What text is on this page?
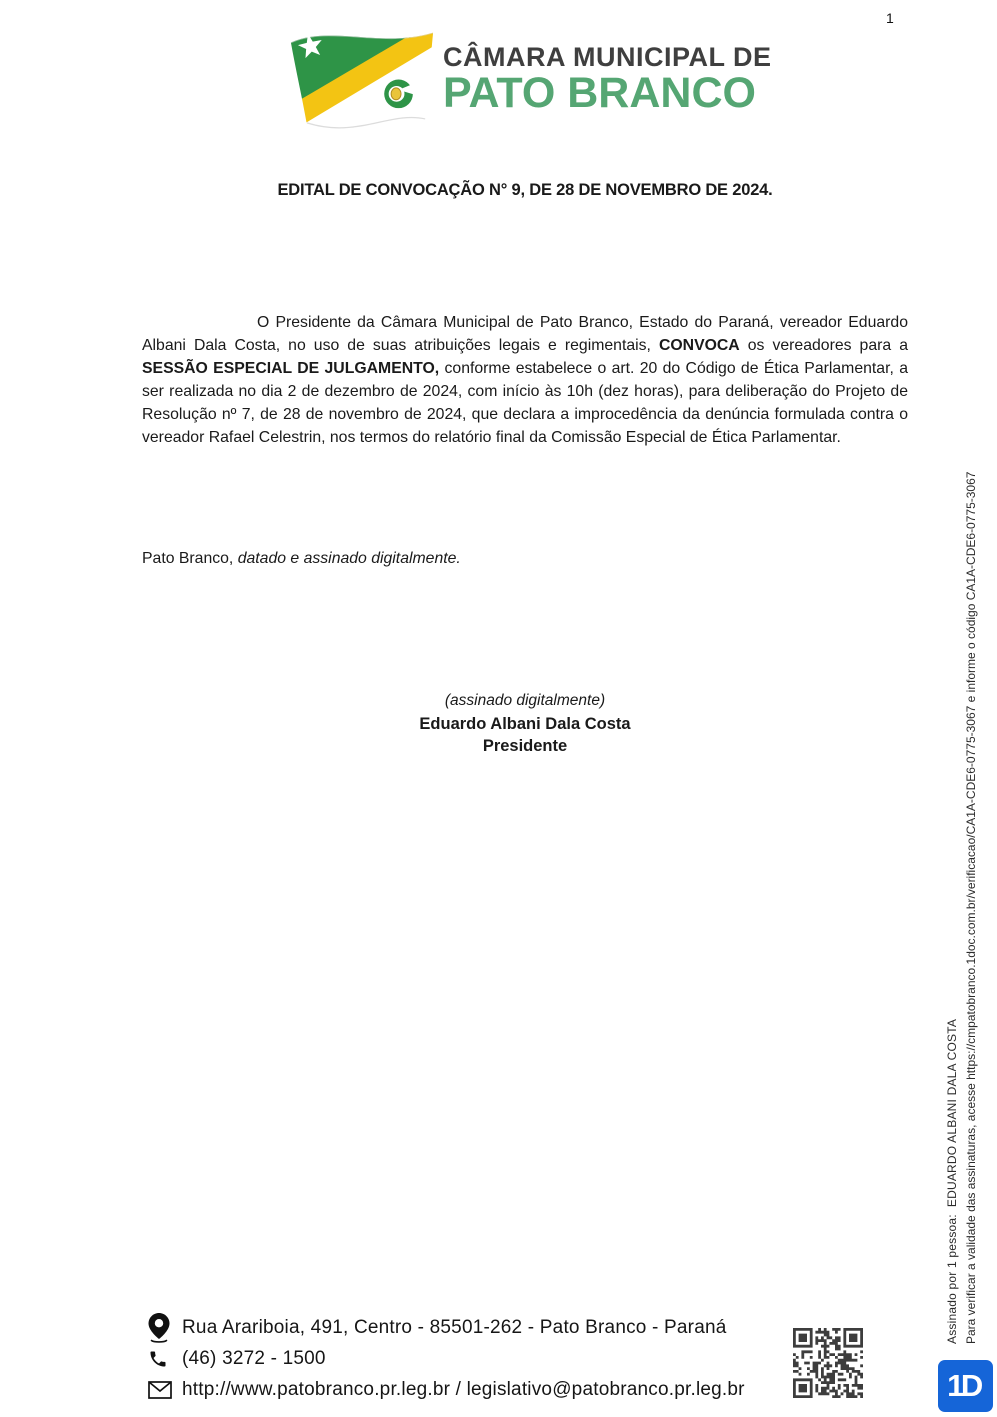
1
CÂMARA MUNICIPAL DE
PATO BRANCO
EDITAL DE CONVOCAÇÃO N° 9, DE 28 DE NOVEMBRO DE 2024.

O Presidente da Câmara Municipal de Pato Branco, Estado do Paraná, vereador Eduardo Albani Dala Costa, no uso de suas atribuições legais e regimentais, CONVOCA os vereadores para a SESSÃO ESPECIAL DE JULGAMENTO, conforme estabelece o art. 20 do Código de Ética Parlamentar, a ser realizada no dia 2 de dezembro de 2024, com início às 10h (dez horas), para deliberação do Projeto de Resolução nº 7, de 28 de novembro de 2024, que declara a improcedência da denúncia formulada contra o vereador Rafael Celestrin, nos termos do relatório final da Comissão Especial de Ética Parlamentar.

Pato Branco, datado e assinado digitalmente.
(assinado digitalmente)
Eduardo Albani Dala Costa
Presidente
Assinado por 1 pessoa:  EDUARDO ALBANI DALA COSTA Para verificar a validade das assinaturas, acesse https://cmpatobranco.1doc.com.br/verificacao/CA1A-CDE6-0775-3067 e informe o código CA1A-CDE6-0775-3067
Rua Arariboia, 491, Centro - 85501-262 - Pato Branco - Paraná
(46) 3272 - 1500
http://www.patobranco.pr.leg.br / legislativo@patobranco.pr.leg.br	1D
